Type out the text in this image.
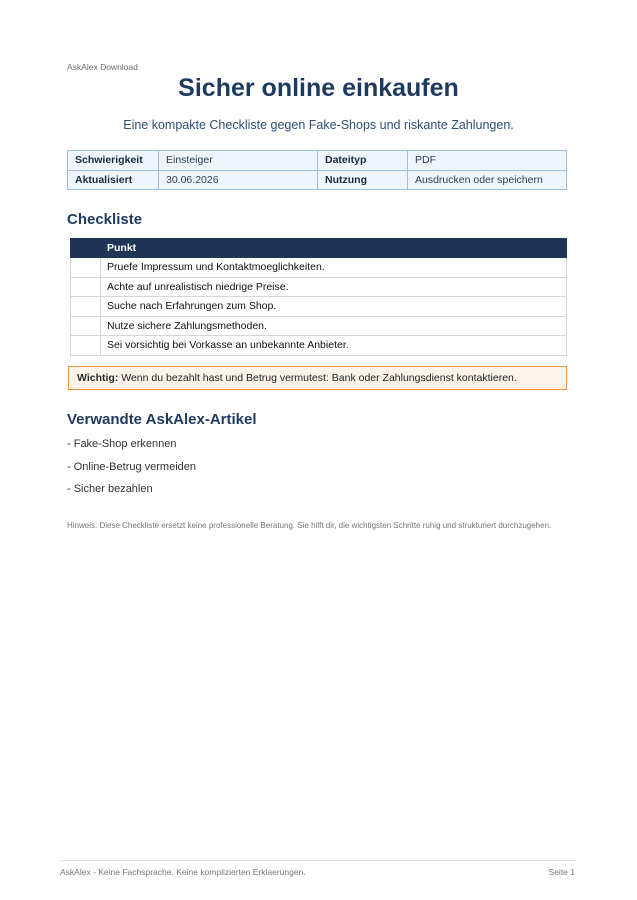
AskAlex Download
Sicher online einkaufen

Eine kompakte Checkliste gegen Fake-Shops und riskante Zahlungen.

Schwierigkeit	Einsteiger	Dateityp	PDF
Aktualisiert	30.06.2026	Nutzung	Ausdrucken oder speichern
Checkliste
	Punkt
	Pruefe Impressum und Kontaktmoeglichkeiten.
	Achte auf unrealistisch niedrige Preise.
	Suche nach Erfahrungen zum Shop.
	Nutze sichere Zahlungsmethoden.
	Sei vorsichtig bei Vorkasse an unbekannte Anbieter.
Wichtig: Wenn du bezahlt hast und Betrug vermutest: Bank oder Zahlungsdienst kontaktieren.
Verwandte AskAlex-Artikel
- Fake-Shop erkennen
- Online-Betrug vermeiden
- Sicher bezahlen

Hinweis: Diese Checkliste ersetzt keine professionelle Beratung. Sie hilft dir, die wichtigsten Schritte ruhig und strukturiert durchzugehen.

AskAlex - Keine Fachsprache. Keine komplizierten Erklaerungen.	Seite 1
